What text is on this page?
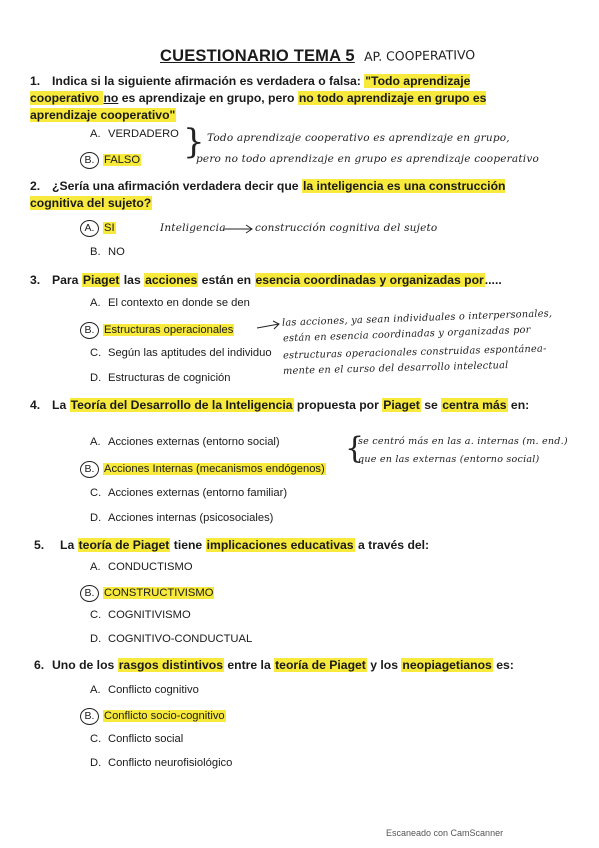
CUESTIONARIO TEMA 5 AP. COOPERATIVO
1. Indica si la siguiente afirmación es verdadera o falsa: "Todo aprendizaje cooperativo no es aprendizaje en grupo, pero no todo aprendizaje en grupo es aprendizaje cooperativo"
A. VERDADERO
B. FALSO } Todo aprendizaje cooperativo es aprendizaje en grupo,
pero no todo aprendizaje en grupo es aprendizaje cooperativo
2. ¿Sería una afirmación verdadera decir que la inteligencia es una construcción cognitiva del sujeto?
A. SI
B. NO
Inteligencia	construcción cognitiva del sujeto
3. Para Piaget las acciones están en esencia coordinadas y organizadas por.....
A. El contexto en donde se den
B. Estructuras operacionales
C. Según las aptitudes del individuo
D. Estructuras de cognición
las acciones, ya sean individuales o interpersonales,
están en esencia coordinadas y organizadas por
estructuras operacionales construidas espontánea-
mente en el curso del desarrollo intelectual
4. La Teoría del Desarrollo de la Inteligencia propuesta por Piaget se centra más en:
A. Acciones externas (entorno social)
B. Acciones Internas (mecanismos endógenos)
C. Acciones externas (entorno familiar)
D. Acciones internas (psicosociales)
{
se centró más en las a. internas (m. end.)
que en las externas (entorno social)
5. La teoría de Piaget tiene implicaciones educativas a través del:
A. CONDUCTISMO
B. CONSTRUCTIVISMO
C. COGNITIVISMO
D. COGNITIVO-CONDUCTUAL
6. Uno de los rasgos distintivos entre la teoría de Piaget y los neopiagetianos es:
A. Conflicto cognitivo
B. Conflicto socio-cognitivo
C. Conflicto social
D. Conflicto neurofisiológico
Escaneado con CamScanner
